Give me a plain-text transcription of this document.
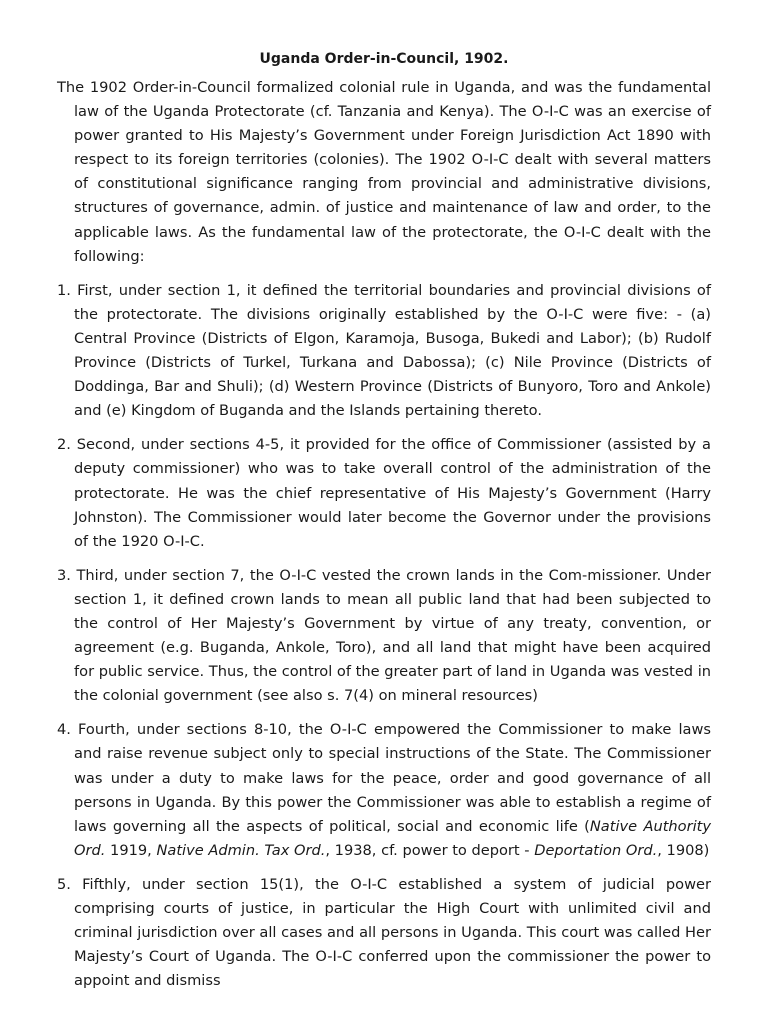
Uganda Order-in-Council, 1902.

The 1902 Order-in-Council formalized colonial rule in Uganda, and was the fundamental law of the Uganda Protectorate (cf. Tanzania and Kenya). The O-I-C was an exercise of power granted to His Majesty’s Government under Foreign Jurisdiction Act 1890 with respect to its foreign territories (colonies). The 1902 O-I-C dealt with several matters of constitutional significance ranging from provincial and administrative divisions, structures of governance, admin. of justice and maintenance of law and order, to the applicable laws. As the fundamental law of the protectorate, the O-I-C dealt with the following:

1. First, under section 1, it defined the territorial boundaries and provincial divisions of the protectorate. The divisions originally established by the O-I-C were five: - (a) Central Province (Districts of Elgon, Karamoja, Busoga, Bukedi and Labor); (b) Rudolf Province (Districts of Turkel, Turkana and Dabossa); (c) Nile Province (Districts of Doddinga, Bar and Shuli); (d) Western Province (Districts of Bunyoro, Toro and Ankole) and (e) Kingdom of Buganda and the Islands pertaining thereto.

2. Second, under sections 4-5, it provided for the office of Commissioner (assisted by a deputy commissioner) who was to take overall control of the administration of the protectorate. He was the chief representative of His Majesty’s Government (Harry Johnston). The Commissioner would later become the Governor under the provisions of the 1920 O-I-C.

3. Third, under section 7, the O-I-C vested the crown lands in the Com-missioner. Under section 1, it defined crown lands to mean all public land that had been subjected to the control of Her Majesty’s Government by virtue of any treaty, convention, or agreement (e.g. Buganda, Ankole, Toro), and all land that might have been acquired for public service. Thus, the control of the greater part of land in Uganda was vested in the colonial government (see also s. 7(4) on mineral resources)

4. Fourth, under sections 8-10, the O-I-C empowered the Commissioner to make laws and raise revenue subject only to special instructions of the State. The Commissioner was under a duty to make laws for the peace, order and good governance of all persons in Uganda. By this power the Commissioner was able to establish a regime of laws governing all the aspects of political, social and economic life (Native Authority Ord. 1919, Native Admin. Tax Ord., 1938, cf. power to deport - Deportation Ord., 1908)

5. Fifthly, under section 15(1), the O-I-C established a system of judicial power comprising courts of justice, in particular the High Court with unlimited civil and criminal jurisdiction over all cases and all persons in Uganda. This court was called Her Majesty’s Court of Uganda. The O-I-C conferred upon the commissioner the power to appoint and dismiss
